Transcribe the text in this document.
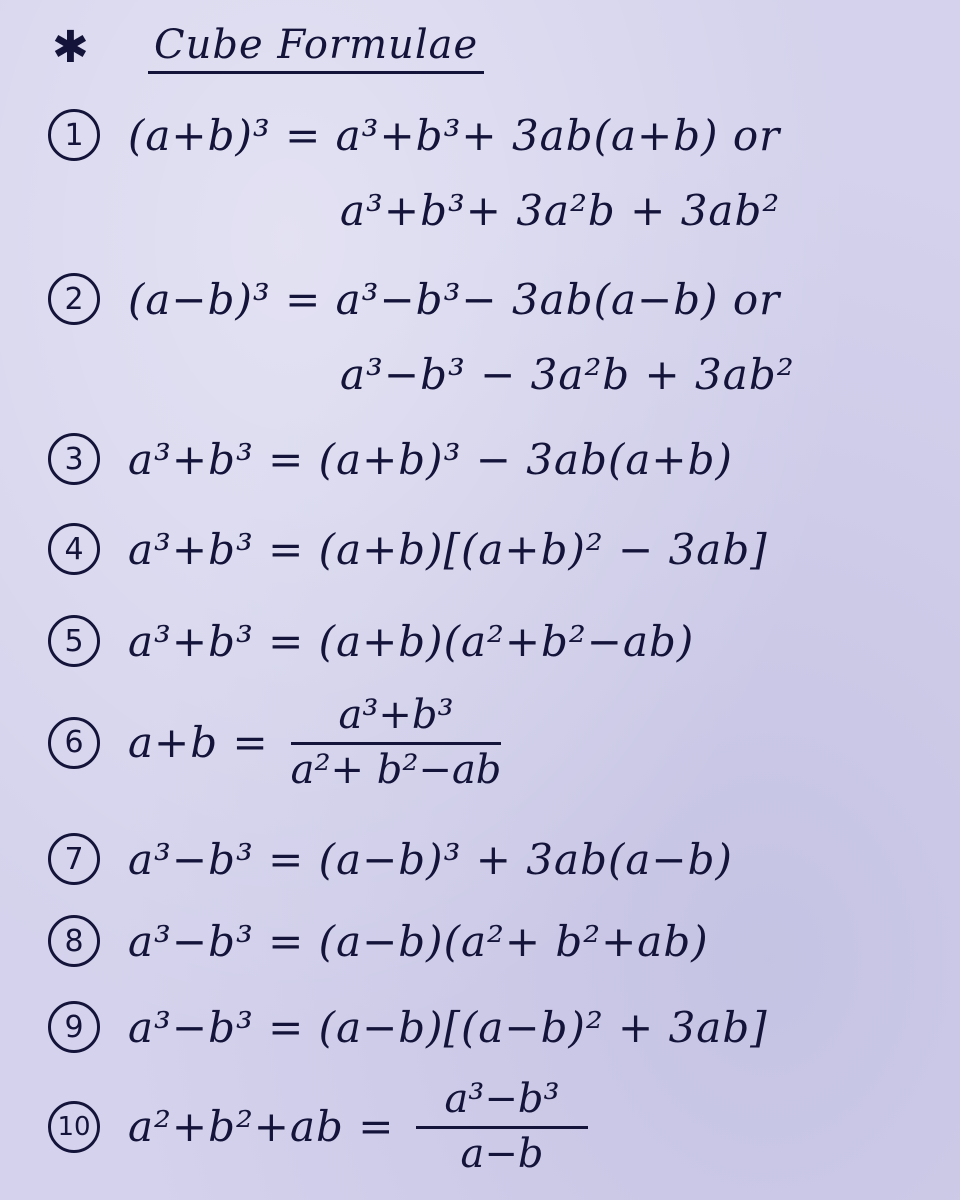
✱	Cube Formulae
1	(a+b)³ = a³+b³+ 3ab(a+b) or
a³+b³+ 3a²b + 3ab²
2	(a−b)³ = a³−b³− 3ab(a−b) or
a³−b³ − 3a²b + 3ab²
3	a³+b³ = (a+b)³ − 3ab(a+b)
4	a³+b³ = (a+b)[(a+b)² − 3ab]
5	a³+b³ = (a+b)(a²+b²−ab)
6	$a+b = \frac{\text{a³+b³}}{\text{a²+ b²−ab}}$
7	a³−b³ = (a−b)³ + 3ab(a−b)
8	a³−b³ = (a−b)(a²+ b²+ab)
9	a³−b³ = (a−b)[(a−b)² + 3ab]
10 $a^2+b^2+ab = \frac{\text{a³−b³}}{a-b}$
